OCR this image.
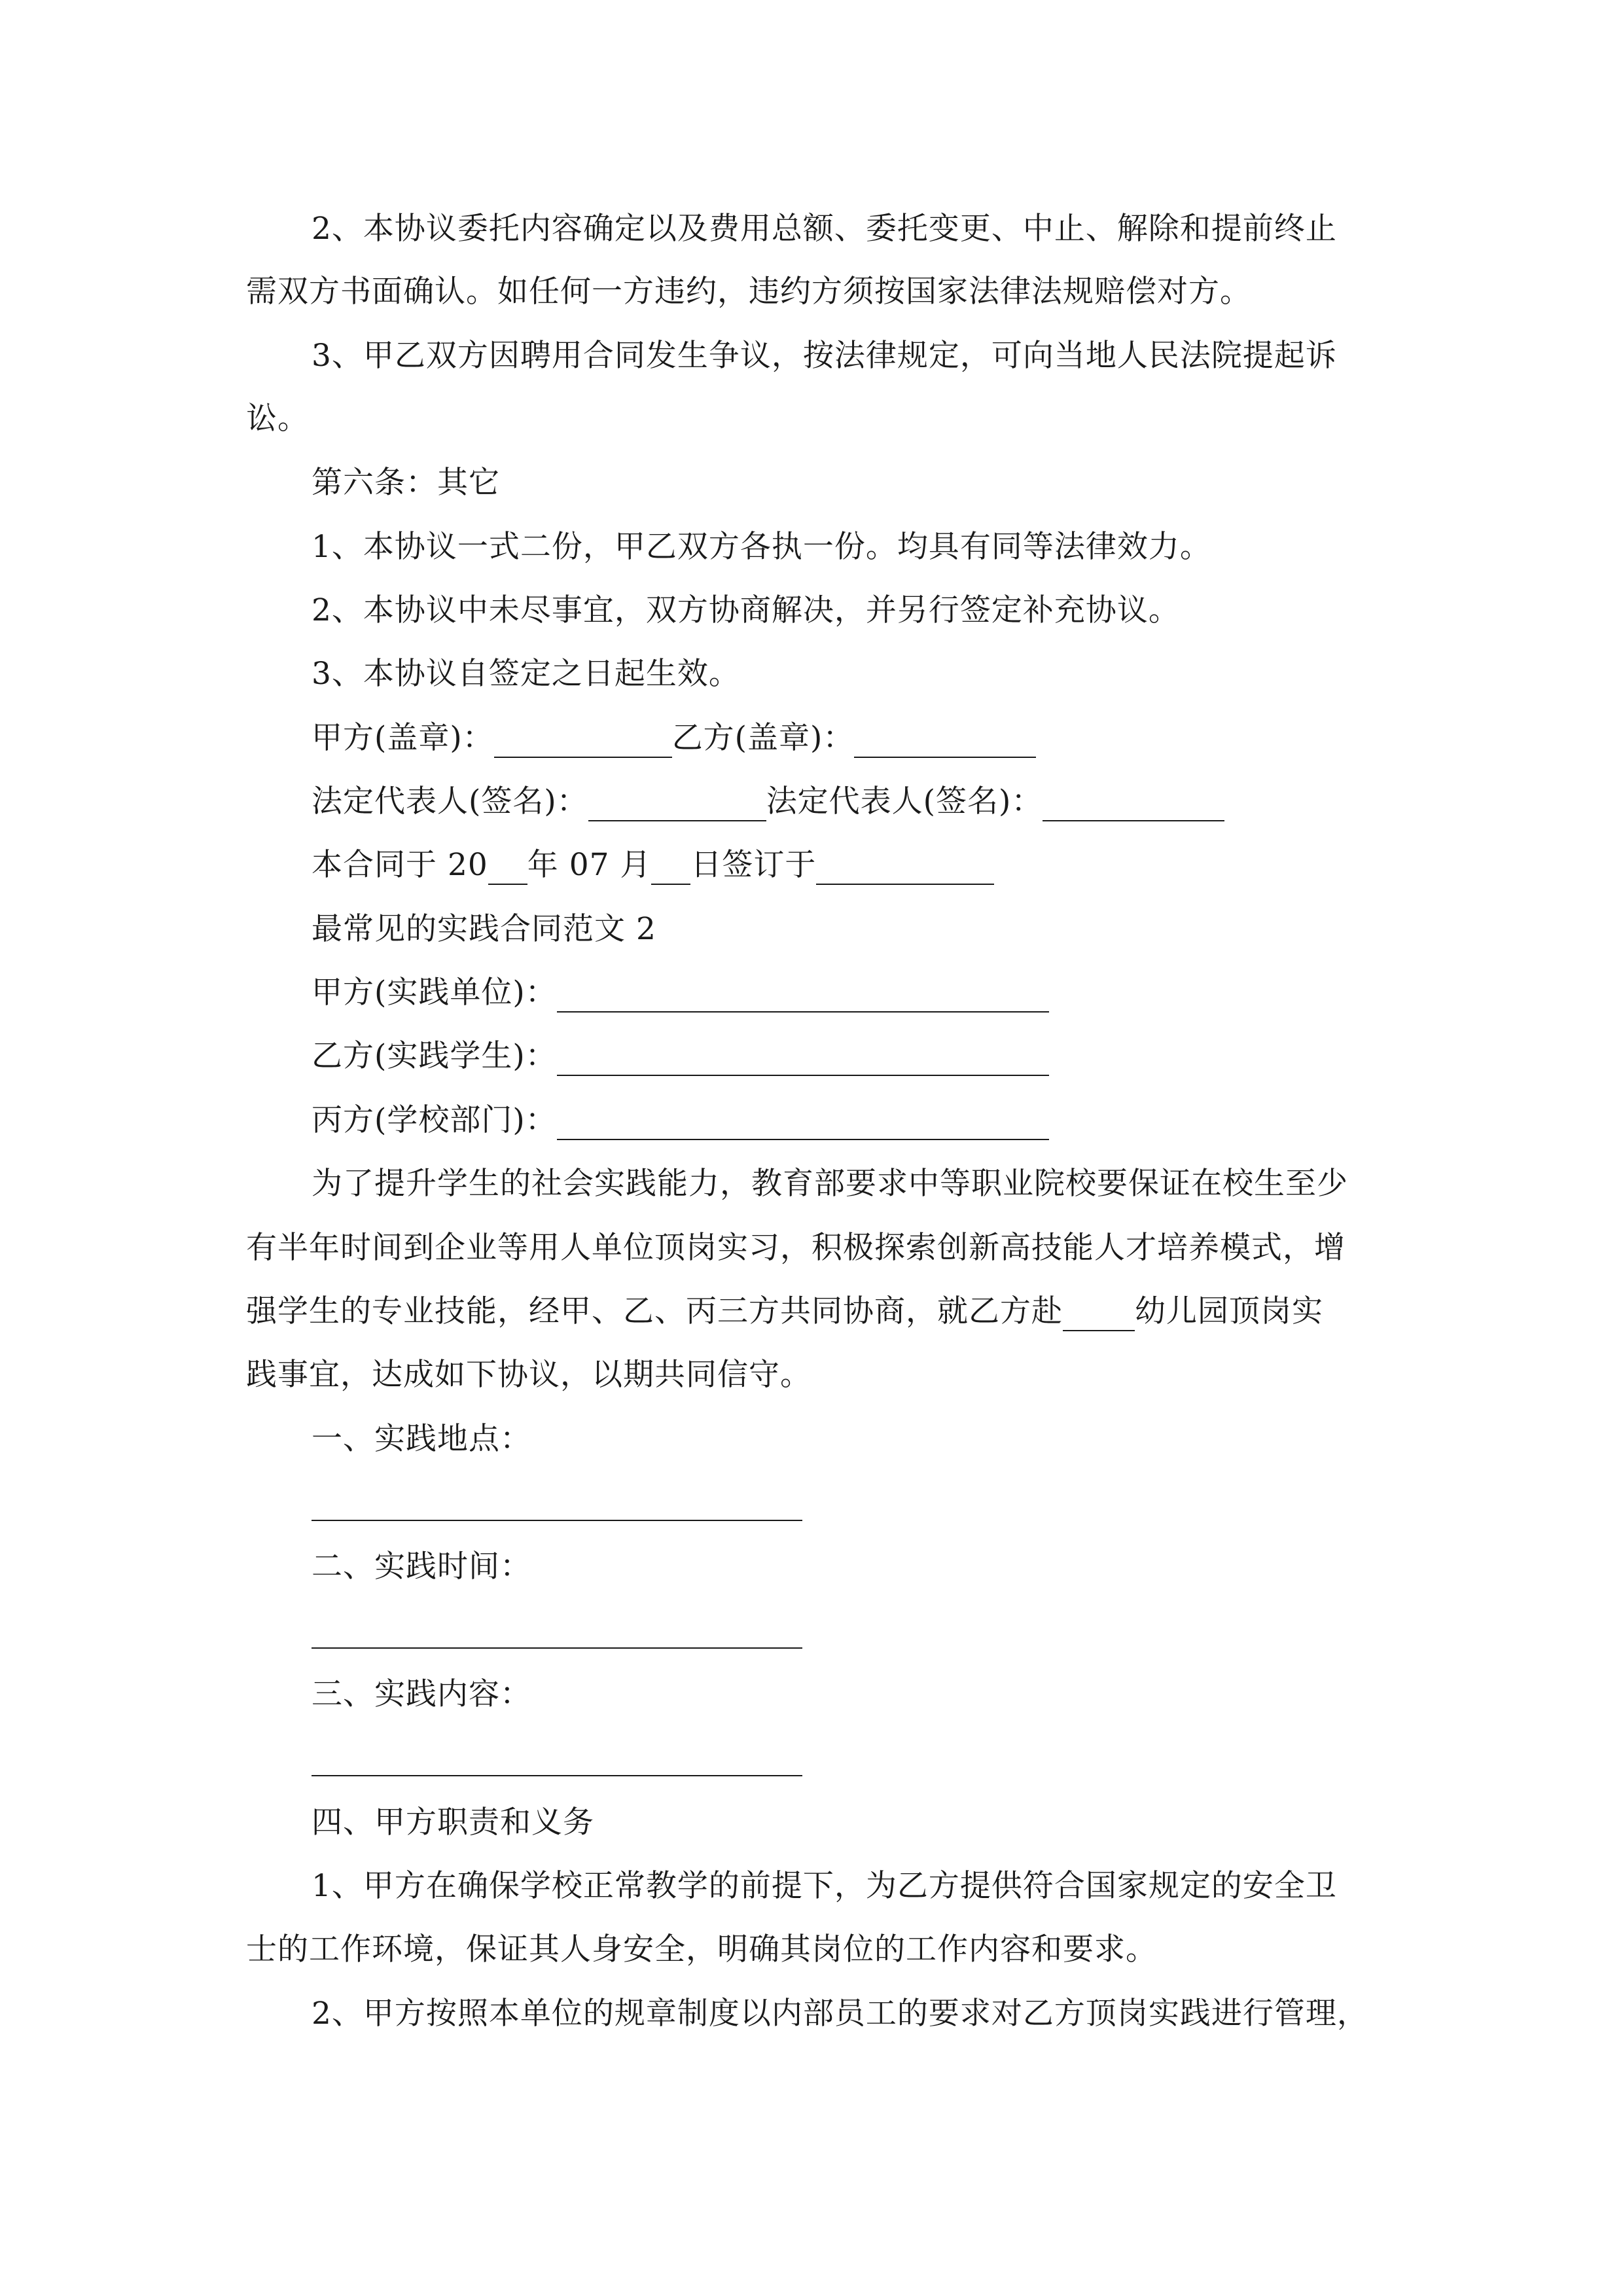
2、本协议委托内容确定以及费用总额、委托变更、中止、解除和提前终止
需双方书面确认。如任何一方违约，违约方须按国家法律法规赔偿对方。
3、甲乙双方因聘用合同发生争议，按法律规定，可向当地人民法院提起诉
讼。
第六条：其它
1、本协议一式二份，甲乙双方各执一份。均具有同等法律效力。
2、本协议中未尽事宜，双方协商解决，并另行签定补充协议。
3、本协议自签定之日起生效。
甲方(盖章)：	乙方(盖章)：
法定代表人(签名)：	法定代表人(签名)：
本合同于 20 年 07 月 日签订于
最常见的实践合同范文 2
甲方(实践单位)：
乙方(实践学生)：
丙方(学校部门)：
为了提升学生的社会实践能力，教育部要求中等职业院校要保证在校生至少
有半年时间到企业等用人单位顶岗实习，积极探索创新高技能人才培养模式，增
强学生的专业技能，经甲、乙、丙三方共同协商，就乙方赴 幼儿园顶岗实
践事宜，达成如下协议，以期共同信守。
一、实践地点：
二、实践时间：
三、实践内容：
四、甲方职责和义务
1、甲方在确保学校正常教学的前提下，为乙方提供符合国家规定的安全卫
士的工作环境，保证其人身安全，明确其岗位的工作内容和要求。
2、甲方按照本单位的规章制度以内部员工的要求对乙方顶岗实践进行管理，
